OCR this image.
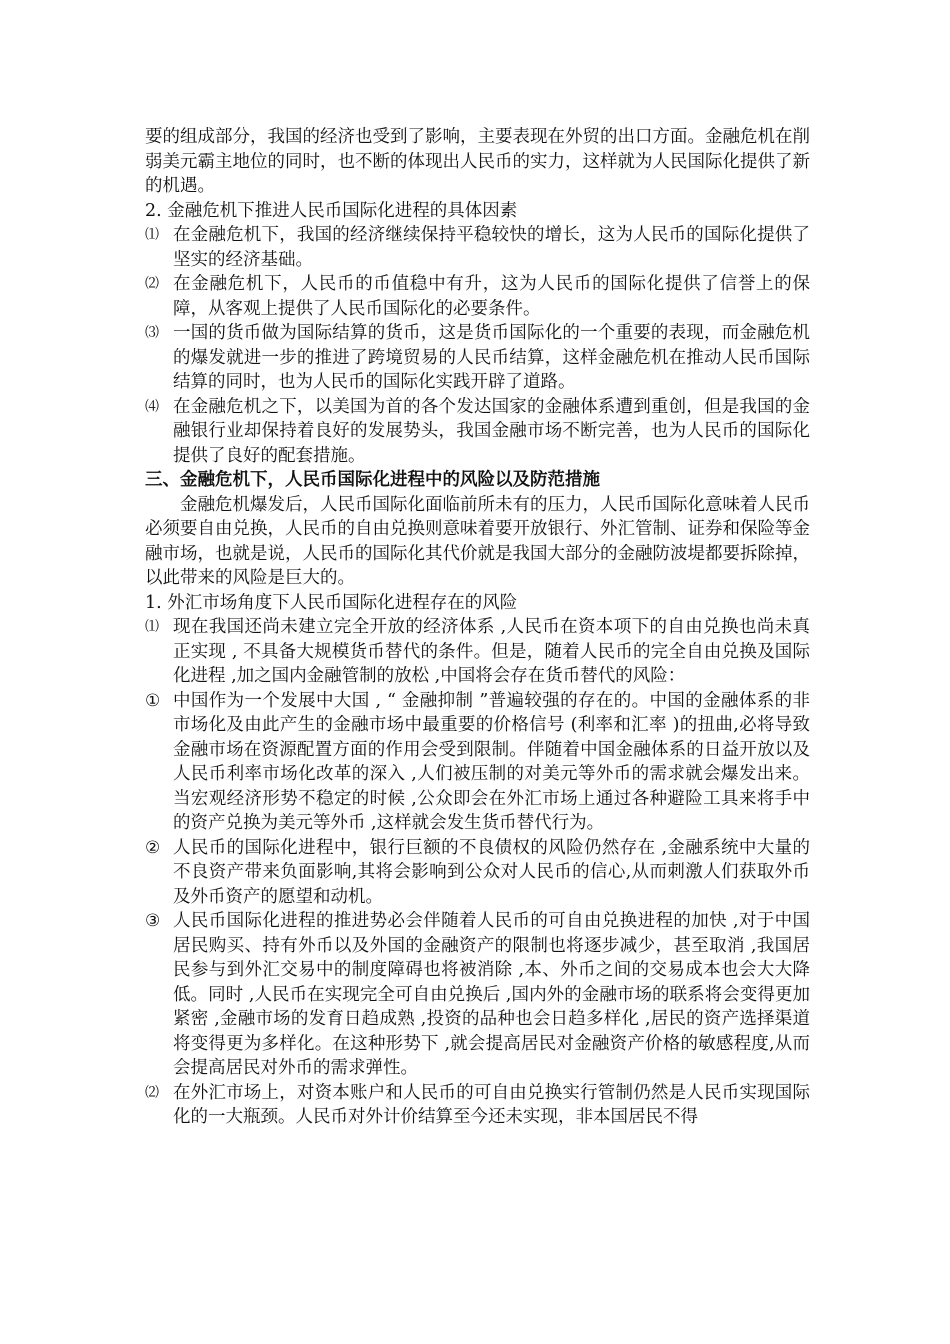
要的组成部分，我国的经济也受到了影响，主要表现在外贸的出口方面。金融危机在削弱美元霸主地位的同时，也不断的体现出人民币的实力，这样就为人民国际化提供了新的机遇。

2. 金融危机下推进人民币国际化进程的具体因素

⑴ 在金融危机下，我国的经济继续保持平稳较快的增长，这为人民币的国际化提供了坚实的经济基础。
⑵ 在金融危机下，人民币的币值稳中有升，这为人民币的国际化提供了信誉上的保障，从客观上提供了人民币国际化的必要条件。
⑶ 一国的货币做为国际结算的货币，这是货币国际化的一个重要的表现，而金融危机的爆发就进一步的推进了跨境贸易的人民币结算，这样金融危机在推动人民币国际结算的同时，也为人民币的国际化实践开辟了道路。
⑷ 在金融危机之下，以美国为首的各个发达国家的金融体系遭到重创，但是我国的金融银行业却保持着良好的发展势头，我国金融市场不断完善，也为人民币的国际化提供了良好的配套措施。

三、金融危机下，人民币国际化进程中的风险以及防范措施

金融危机爆发后，人民币国际化面临前所未有的压力，人民币国际化意味着人民币必须要自由兑换，人民币的自由兑换则意味着要开放银行、外汇管制、证券和保险等金融市场，也就是说，人民币的国际化其代价就是我国大部分的金融防波堤都要拆除掉，以此带来的风险是巨大的。

1. 外汇市场角度下人民币国际化进程存在的风险

⑴ 现在我国还尚未建立完全开放的经济体系 ,人民币在资本项下的自由兑换也尚未真正实现 , 不具备大规模货币替代的条件。但是，随着人民币的完全自由兑换及国际化进程 ,加之国内金融管制的放松 ,中国将会存在货币替代的风险：
① 中国作为一个发展中大国 , “ 金融抑制 ”普遍较强的存在的。中国的金融体系的非市场化及由此产生的金融市场中最重要的价格信号 (利率和汇率 )的扭曲,必将导致金融市场在资源配置方面的作用会受到限制。伴随着中国金融体系的日益开放以及人民币利率市场化改革的深入 ,人们被压制的对美元等外币的需求就会爆发出来。当宏观经济形势不稳定的时候 ,公众即会在外汇市场上通过各种避险工具来将手中的资产兑换为美元等外币 ,这样就会发生货币替代行为。
② 人民币的国际化进程中，银行巨额的不良债权的风险仍然存在 ,金融系统中大量的不良资产带来负面影响,其将会影响到公众对人民币的信心,从而刺激人们获取外币及外币资产的愿望和动机。
③ 人民币国际化进程的推进势必会伴随着人民币的可自由兑换进程的加快 ,对于中国居民购买、持有外币以及外国的金融资产的限制也将逐步减少，甚至取消 ,我国居民参与到外汇交易中的制度障碍也将被消除 ,本、外币之间的交易成本也会大大降低。同时 ,人民币在实现完全可自由兑换后 ,国内外的金融市场的联系将会变得更加紧密 ,金融市场的发育日趋成熟 ,投资的品种也会日趋多样化 ,居民的资产选择渠道将变得更为多样化。在这种形势下 ,就会提高居民对金融资产价格的敏感程度,从而会提高居民对外币的需求弹性。
⑵ 在外汇市场上，对资本账户和人民币的可自由兑换实行管制仍然是人民币实现国际化的一大瓶颈。人民币对外计价结算至今还未实现，非本国居民不得
